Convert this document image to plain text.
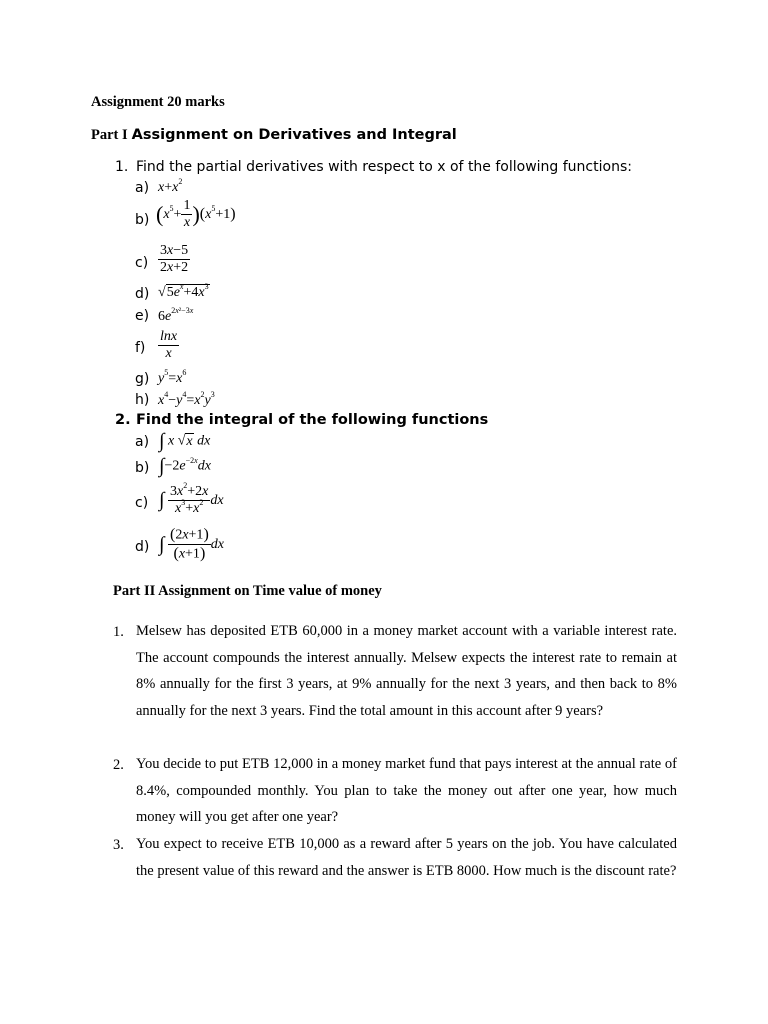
Assignment 20 marks
Part I Assignment on Derivatives and Integral
1. Find the partial derivatives with respect to x of the following functions:
a) $x+x^2$
b) $(x^5+ \frac{1}{x} )(x^5+1)$
$c) \frac{3x-5}{2x+2}$
d) $√5e^x+4x^3$
e) $6e^{2x^2-3x}$
$f) \frac{\ln x}{x}$
g) $y^5=x^6$
h) $x^4-y^4=x^2y^3$
2. Find the integral of the following functions
a) ∫ x √x dx
b) $\int-2e^{-2x}dx$
c) ∫ $\frac{3x^2+2x}{x^3+x^2}$ dx
d) ∫ $\frac{(2x+1)}{(x+1)}$ dx
Part II Assignment on Time value of money
1. Melsew has deposited ETB 60,000 in a money market account with a variable interest rate. The account compounds the interest annually. Melsew expects the interest rate to remain at 8% annually for the first 3 years, at 9% annually for the next 3 years, and then back to 8% annually for the next 3 years. Find the total amount in this account after 9 years?
2. You decide to put ETB 12,000 in a money market fund that pays interest at the annual rate of 8.4%, compounded monthly. You plan to take the money out after one year, how much money will you get after one year?
3. You expect to receive ETB 10,000 as a reward after 5 years on the job. You have calculated the present value of this reward and the answer is ETB 8000. How much is the discount rate?
